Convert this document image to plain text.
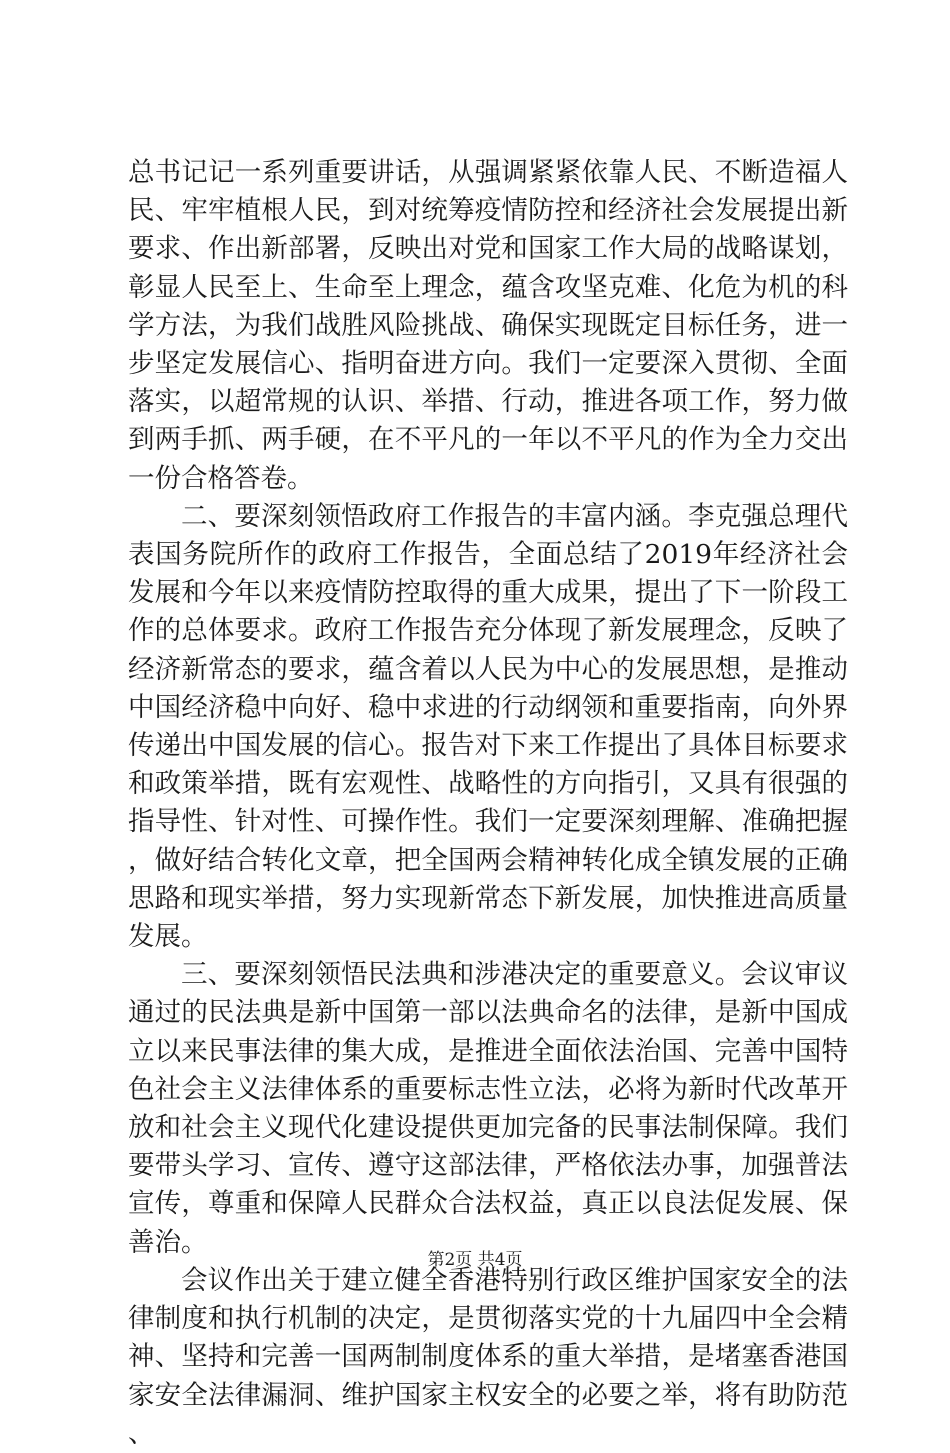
总书记记一系列重要讲话，从强调紧紧依靠人民、不断造福人民、牢牢植根人民，到对统筹疫情防控和经济社会发展提出新要求、作出新部署，反映出对党和国家工作大局的战略谋划，彰显人民至上、生命至上理念，蕴含攻坚克难、化危为机的科学方法，为我们战胜风险挑战、确保实现既定目标任务，进一步坚定发展信心、指明奋进方向。我们一定要深入贯彻、全面落实，以超常规的认识、举措、行动，推进各项工作，努力做到两手抓、两手硬，在不平凡的一年以不平凡的作为全力交出一份合格答卷。

二、要深刻领悟政府工作报告的丰富内涵。李克强总理代表国务院所作的政府工作报告，全面总结了2019年经济社会发展和今年以来疫情防控取得的重大成果，提出了下一阶段工作的总体要求。政府工作报告充分体现了新发展理念，反映了经济新常态的要求，蕴含着以人民为中心的发展思想，是推动中国经济稳中向好、稳中求进的行动纲领和重要指南，向外界传递出中国发展的信心。报告对下来工作提出了具体目标要求和政策举措，既有宏观性、战略性的方向指引，又具有很强的指导性、针对性、可操作性。我们一定要深刻理解、准确把握，做好结合转化文章，把全国两会精神转化成全镇发展的正确思路和现实举措，努力实现新常态下新发展，加快推进高质量发展。

三、要深刻领悟民法典和涉港决定的重要意义。会议审议通过的民法典是新中国第一部以法典命名的法律，是新中国成立以来民事法律的集大成，是推进全面依法治国、完善中国特色社会主义法律体系的重要标志性立法，必将为新时代改革开放和社会主义现代化建设提供更加完备的民事法制保障。我们要带头学习、宣传、遵守这部法律，严格依法办事，加强普法宣传，尊重和保障人民群众合法权益，真正以良法促发展、保善治。

会议作出关于建立健全香港特别行政区维护国家安全的法律制度和执行机制的决定，是贯彻落实党的十九届四中全会精神、坚持和完善一国两制制度体系的重大举措，是堵塞香港国家安全法律漏洞、维护国家主权安全的必要之举，将有助防范、

第2页 共4页
